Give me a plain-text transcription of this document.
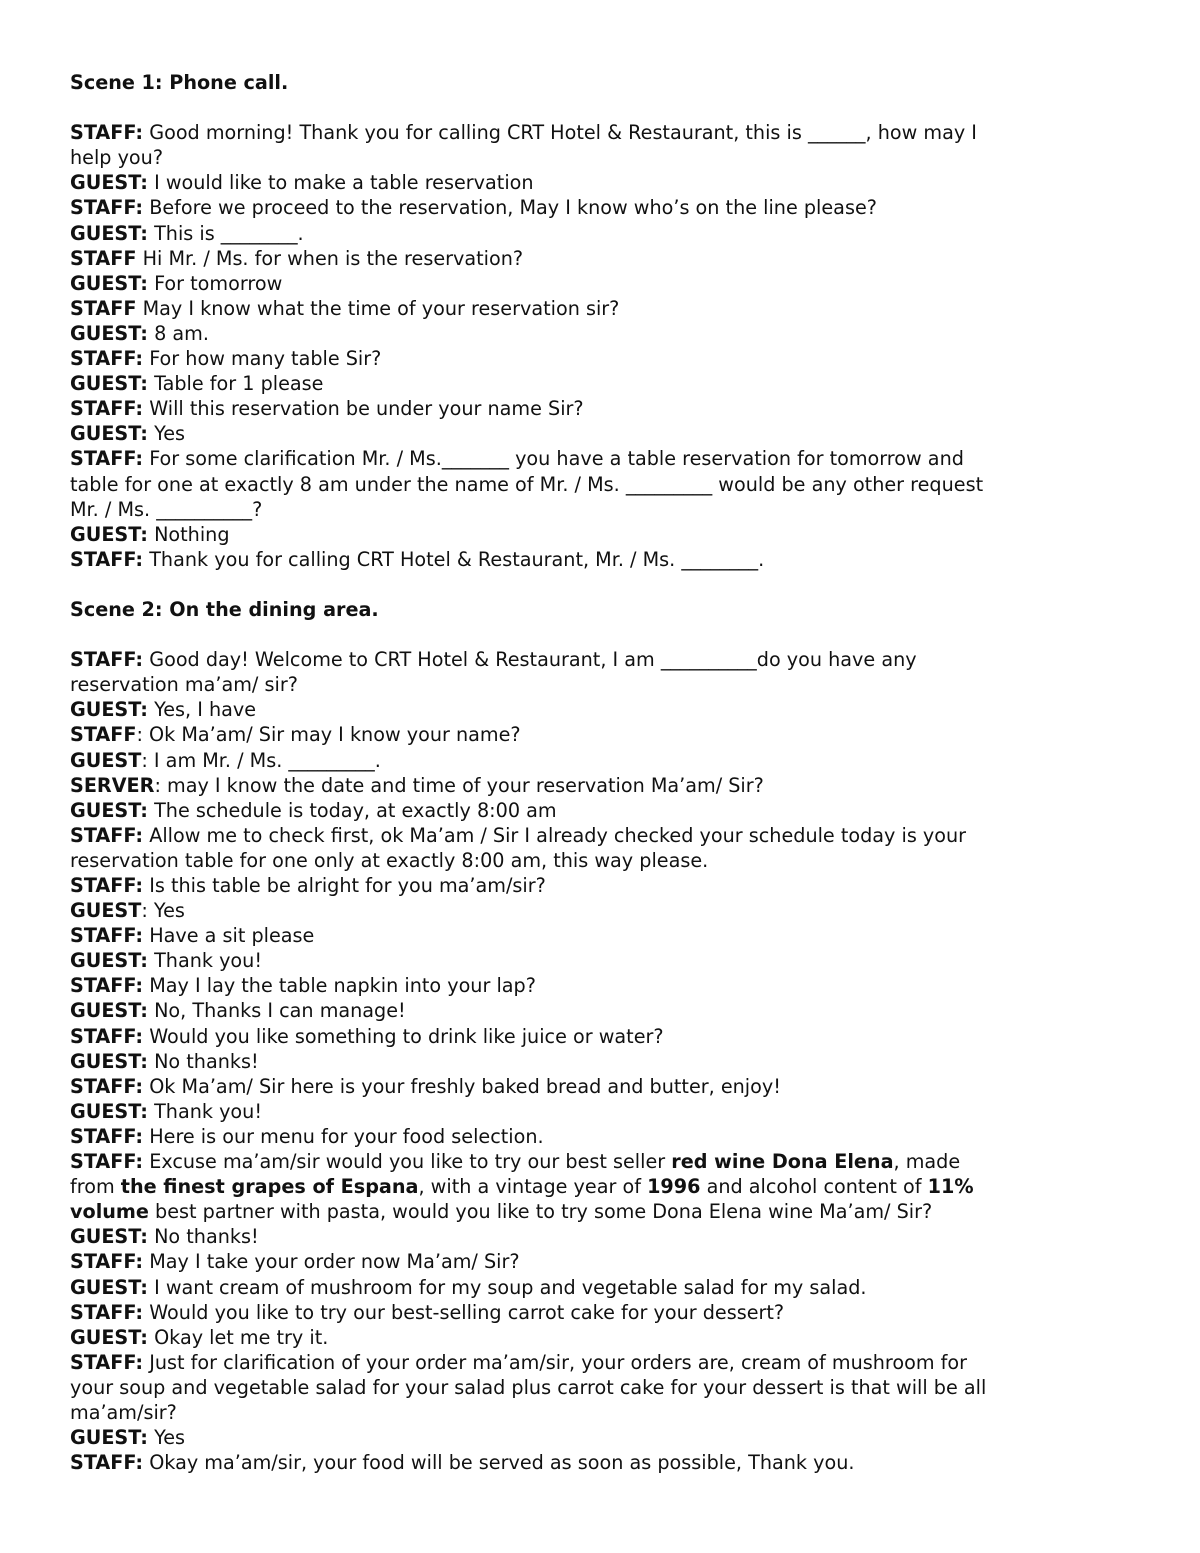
Scene 1: Phone call.
STAFF: Good morning! Thank you for calling CRT Hotel & Restaurant, this is ______, how may I
help you?
GUEST: I would like to make a table reservation
STAFF: Before we proceed to the reservation, May I know who’s on the line please?
GUEST: This is ________.
STAFF Hi Mr. / Ms. for when is the reservation?
GUEST: For tomorrow
STAFF May I know what the time of your reservation sir?
GUEST: 8 am.
STAFF: For how many table Sir?
GUEST: Table for 1 please
STAFF: Will this reservation be under your name Sir?
GUEST: Yes
STAFF: For some clarification Mr. / Ms._______ you have a table reservation for tomorrow and
table for one at exactly 8 am under the name of Mr. / Ms. _________ would be any other request
Mr. / Ms. __________?
GUEST: Nothing
STAFF: Thank you for calling CRT Hotel & Restaurant, Mr. / Ms. ________.
Scene 2: On the dining area.
STAFF: Good day! Welcome to CRT Hotel & Restaurant, I am __________do you have any
reservation ma’am/ sir?
GUEST: Yes, I have
STAFF: Ok Ma’am/ Sir may I know your name?
GUEST: I am Mr. / Ms. _________.
SERVER: may I know the date and time of your reservation Ma’am/ Sir?
GUEST: The schedule is today, at exactly 8:00 am
STAFF: Allow me to check first, ok Ma’am / Sir I already checked your schedule today is your
reservation table for one only at exactly 8:00 am, this way please.
STAFF: Is this table be alright for you ma’am/sir?
GUEST: Yes
STAFF: Have a sit please
GUEST: Thank you!
STAFF: May I lay the table napkin into your lap?
GUEST: No, Thanks I can manage!
STAFF: Would you like something to drink like juice or water?
GUEST: No thanks!
STAFF: Ok Ma’am/ Sir here is your freshly baked bread and butter, enjoy!
GUEST: Thank you!
STAFF: Here is our menu for your food selection.
STAFF: Excuse ma’am/sir would you like to try our best seller red wine Dona Elena, made
from the finest grapes of Espana, with a vintage year of 1996 and alcohol content of 11%
volume best partner with pasta, would you like to try some Dona Elena wine Ma’am/ Sir?
GUEST: No thanks!
STAFF: May I take your order now Ma’am/ Sir?
GUEST: I want cream of mushroom for my soup and vegetable salad for my salad.
STAFF: Would you like to try our best-selling carrot cake for your dessert?
GUEST: Okay let me try it.
STAFF: Just for clarification of your order ma’am/sir, your orders are, cream of mushroom for
your soup and vegetable salad for your salad plus carrot cake for your dessert is that will be all
ma’am/sir?
GUEST: Yes
STAFF: Okay ma’am/sir, your food will be served as soon as possible, Thank you.
